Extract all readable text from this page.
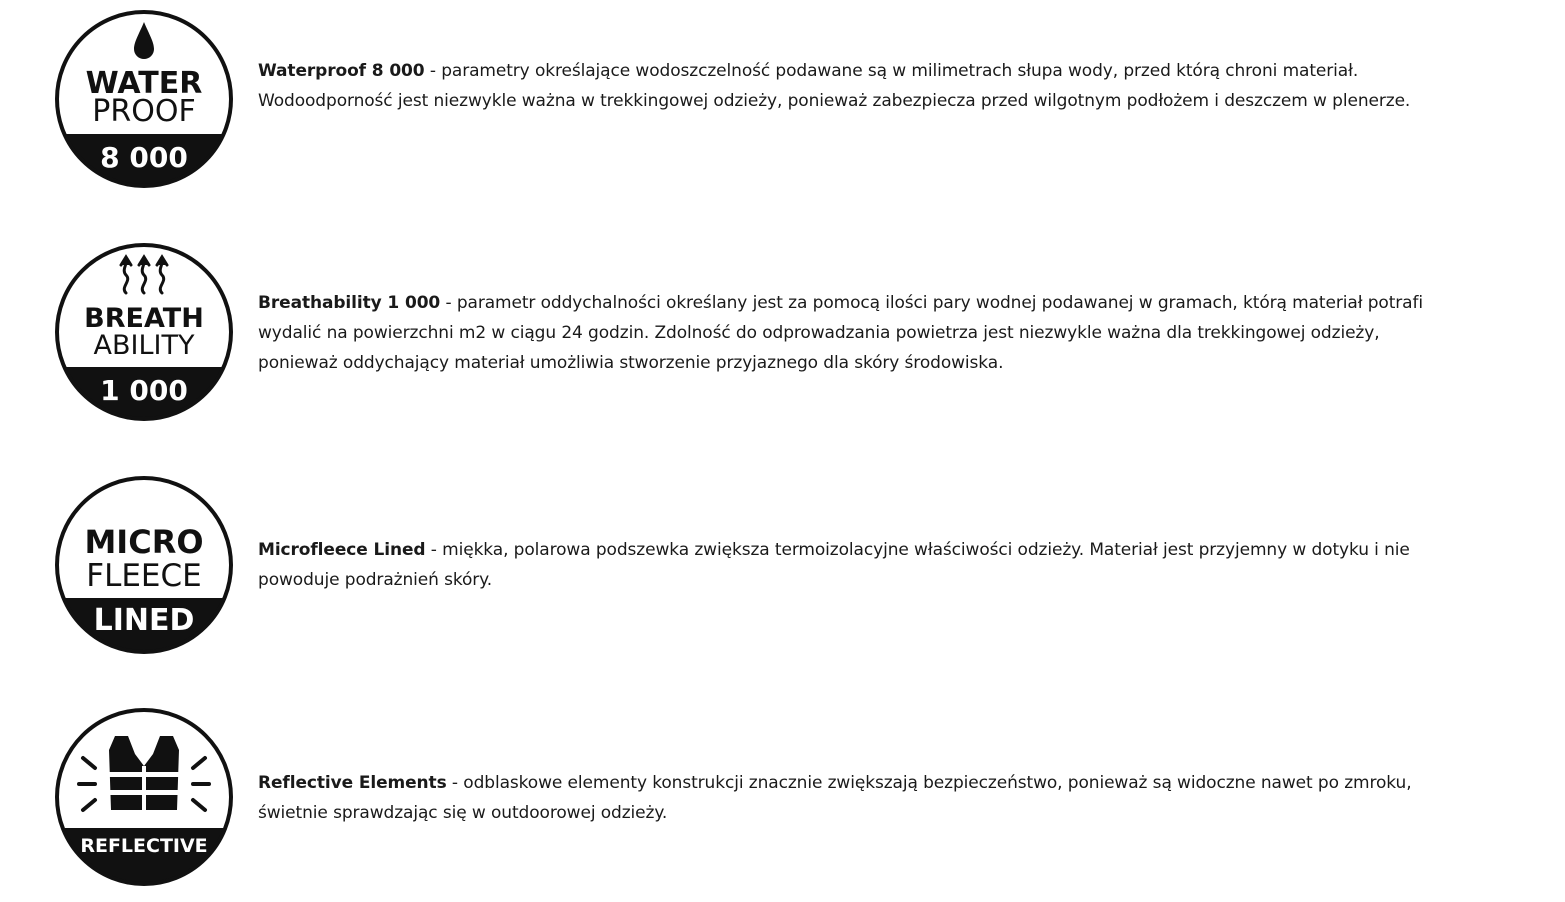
WATER
PROOF
8 000

Waterproof 8 000 - parametry określające wodoszczelność podawane są w milimetrach słupa wody, przed którą chroni materiał. Wodoodporność jest niezwykle ważna w trekkingowej odzieży, ponieważ zabezpiecza przed wilgotnym podłożem i deszczem w plenerze.

BREATH
ABILITY
1 000

Breathability 1 000 - parametr oddychalności określany jest za pomocą ilości pary wodnej podawanej w gramach, którą materiał potrafi wydalić na powierzchni m2 w ciągu 24 godzin. Zdolność do odprowadzania powietrza jest niezwykle ważna dla trekkingowej odzieży, ponieważ oddychający materiał umożliwia stworzenie przyjaznego dla skóry środowiska.

MICRO
FLEECE
LINED

Microfleece Lined - miękka, polarowa podszewka zwiększa termoizolacyjne właściwości odzieży. Materiał jest przyjemny w dotyku i nie powoduje podrażnień skóry.

REFLECTIVE

Reflective Elements - odblaskowe elementy konstrukcji znacznie zwiększają bezpieczeństwo, ponieważ są widoczne nawet po zmroku, świetnie sprawdzając się w outdoorowej odzieży.
